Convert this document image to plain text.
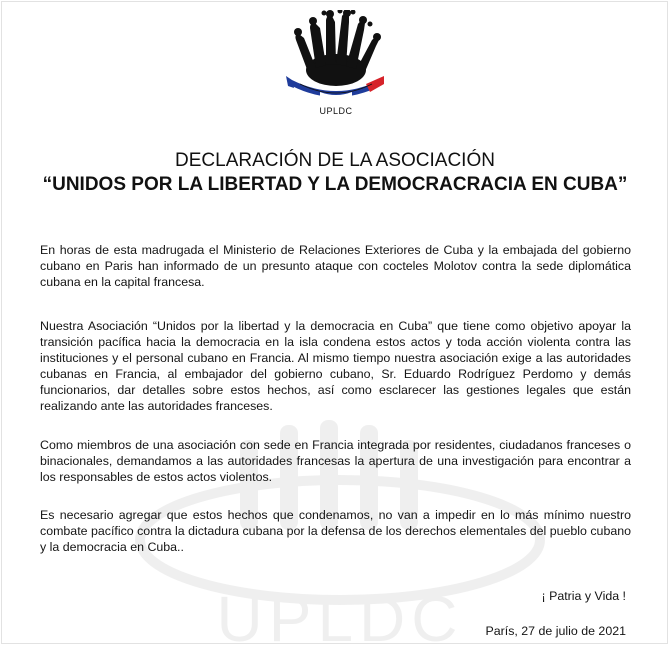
UPLDC
UPLDC
DECLARACIÓN DE LA ASOCIACIÓN
“UNIDOS POR LA LIBERTAD Y LA DEMOCRACRACIA EN CUBA”

En horas de esta madrugada el Ministerio de Relaciones Exteriores de Cuba y la embajada del gobierno cubano en Paris han informado de un presunto ataque con cocteles Molotov contra la sede diplomática cubana en la capital francesa.

Nuestra Asociación “Unidos por la libertad y la democracia en Cuba” que tiene como objetivo apoyar la transición pacífica hacia la democracia en la isla condena estos actos y toda acción violenta contra las instituciones y el personal cubano en Francia. Al mismo tiempo nuestra asociación exige a las autoridades cubanas en Francia, al embajador del gobierno cubano, Sr. Eduardo Rodríguez Perdomo y demás funcionarios, dar detalles sobre estos hechos, así como esclarecer las gestiones legales que están realizando ante las autoridades franceses.

Como miembros de una asociación con sede en Francia integrada por residentes, ciudadanos franceses o binacionales, demandamos a las autoridades francesas la apertura de una investigación para encontrar a los responsables de estos actos violentos.

Es necesario agregar que estos hechos que condenamos, no van a impedir en lo más mínimo nuestro combate pacífico contra la dictadura cubana por la defensa de los derechos elementales del pueblo cubano y la democracia en Cuba..

¡ Patria y Vida !
París, 27 de julio de 2021
